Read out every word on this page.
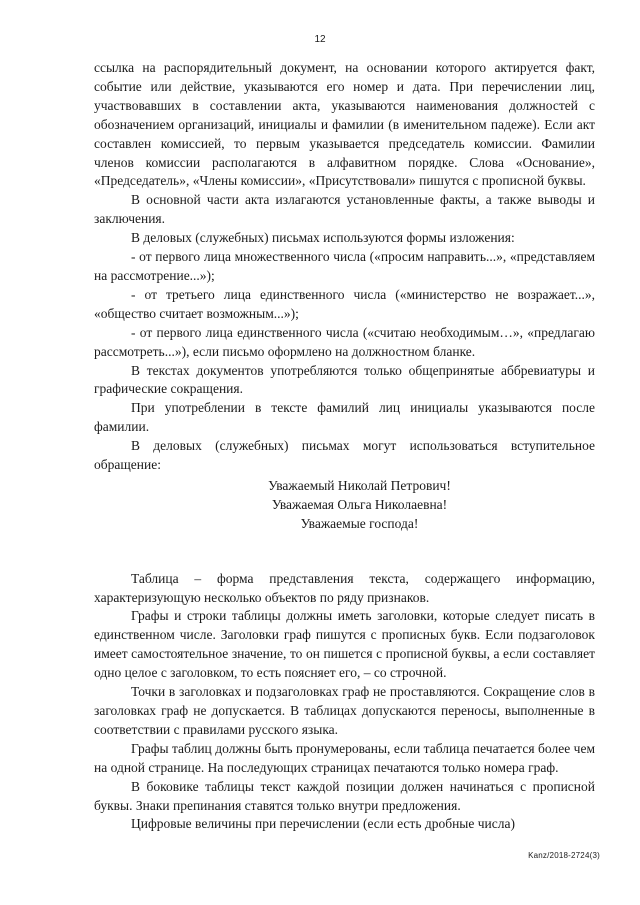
12

ссылка на распорядительный документ, на основании которого актируется факт, событие или действие, указываются его номер и дата. При перечислении лиц, участвовавших в составлении акта, указываются наименования должностей с обозначением организаций, инициалы и фамилии (в именительном падеже). Если акт составлен комиссией, то первым указывается председатель комиссии. Фамилии членов комиссии располагаются в алфавитном порядке. Слова «Основание», «Председатель», «Члены комиссии», «Присутствовали» пишутся с прописной буквы.

В основной части акта излагаются установленные факты, а также выводы и заключения.

В деловых (служебных) письмах используются формы изложения:

- от первого лица множественного числа («просим направить...», «представляем на рассмотрение...»);

- от третьего лица единственного числа («министерство не возражает...», «общество считает возможным...»);

- от первого лица единственного числа («считаю необходимым…», «предлагаю рассмотреть...»), если письмо оформлено на должностном бланке.

В текстах документов употребляются только общепринятые аббревиатуры и графические сокращения.

При употреблении в тексте фамилий лиц инициалы указываются после фамилии.

В деловых (служебных) письмах могут использоваться вступительное обращение:

Уважаемый Николай Петрович!
Уважаемая Ольга Николаевна!
Уважаемые господа!

Таблица – форма представления текста, содержащего информацию, характеризующую несколько объектов по ряду признаков.

Графы и строки таблицы должны иметь заголовки, которые следует писать в единственном числе. Заголовки граф пишутся с прописных букв. Если подзаголовок имеет самостоятельное значение, то он пишется с прописной буквы, а если составляет одно целое с заголовком, то есть поясняет его, – со строчной.

Точки в заголовках и подзаголовках граф не проставляются. Сокращение слов в заголовках граф не допускается. В таблицах допускаются переносы, выполненные в соответствии с правилами русского языка.

Графы таблиц должны быть пронумерованы, если таблица печатается более чем на одной странице. На последующих страницах печатаются только номера граф.

В боковике таблицы текст каждой позиции должен начинаться с прописной буквы. Знаки препинания ставятся только внутри предложения.

Цифровые величины при перечислении (если есть дробные числа)

Kanz/2018-2724(3)
